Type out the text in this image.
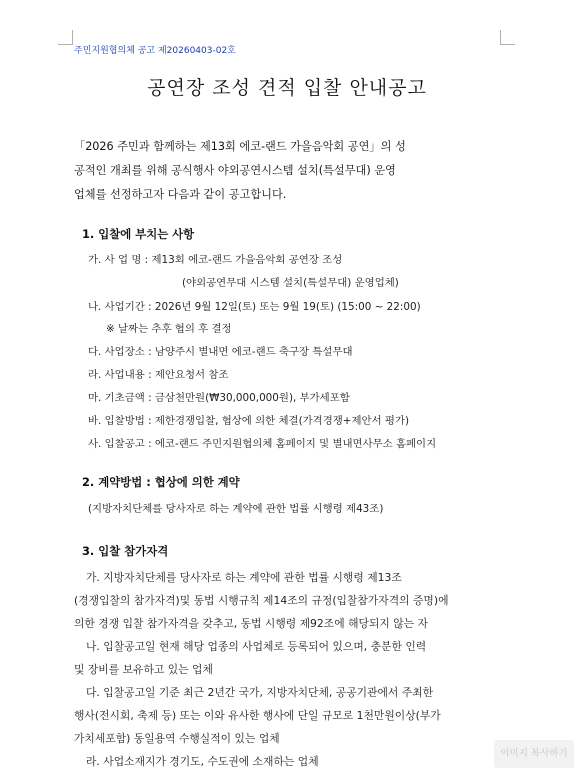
주민지원협의체 공고 제20260403-02호
공연장 조성 견적 입찰 안내공고
「2026 주민과 함께하는 제13회 에코-랜드 가을음악회 공연」의 성
공적인 개최를 위해 공식행사 야외공연시스템 설치(특설무대) 운영
업체를 선정하고자 다음과 같이 공고합니다.
1. 입찰에 부치는 사항
가. 사 업 명 : 제13회 에코-랜드 가을음악회 공연장 조성
(야외공연무대 시스템 설치(특설무대) 운영업체)
나. 사업기간 : 2026년 9월 12일(토) 또는 9월 19(토) (15:00 ~ 22:00)
※ 날짜는 추후 협의 후 결정
다. 사업장소 : 남양주시 별내면 에코-랜드 축구장 특설무대
라. 사업내용 : 제안요청서 참조
마. 기초금액 : 금삼천만원(₩30,000,000원), 부가세포함
바. 입찰방법 : 제한경쟁입찰, 협상에 의한 체결(가격경쟁+제안서 평가)
사. 입찰공고 : 에코-랜드 주민지원협의체 홈페이지 및 별내면사무소 홈페이지
2. 계약방법 : 협상에 의한 계약
(지방자치단체를 당사자로 하는 계약에 관한 법률 시행령 제43조)
3. 입찰 참가자격
가. 지방자치단체를 당사자로 하는 계약에 관한 법률 시행령 제13조
(경쟁입찰의 참가자격)및 동법 시행규칙 제14조의 규정(입찰참가자격의 증명)에
의한 경쟁 입찰 참가자격을 갖추고, 동법 시행령 제92조에 해당되지 않는 자
나. 입찰공고일 현재 해당 업종의 사업체로 등록되어 있으며, 충분한 인력
및 장비를 보유하고 있는 업체
다. 입찰공고일 기준 최근 2년간 국가, 지방자치단체, 공공기관에서 주최한
행사(전시회, 축제 등) 또는 이와 유사한 행사에 단일 규모로 1천만원이상(부가
가치세포함) 동일용역 수행실적이 있는 업체
라. 사업소재지가 경기도, 수도권에 소재하는 업체
이미지 복사하기
